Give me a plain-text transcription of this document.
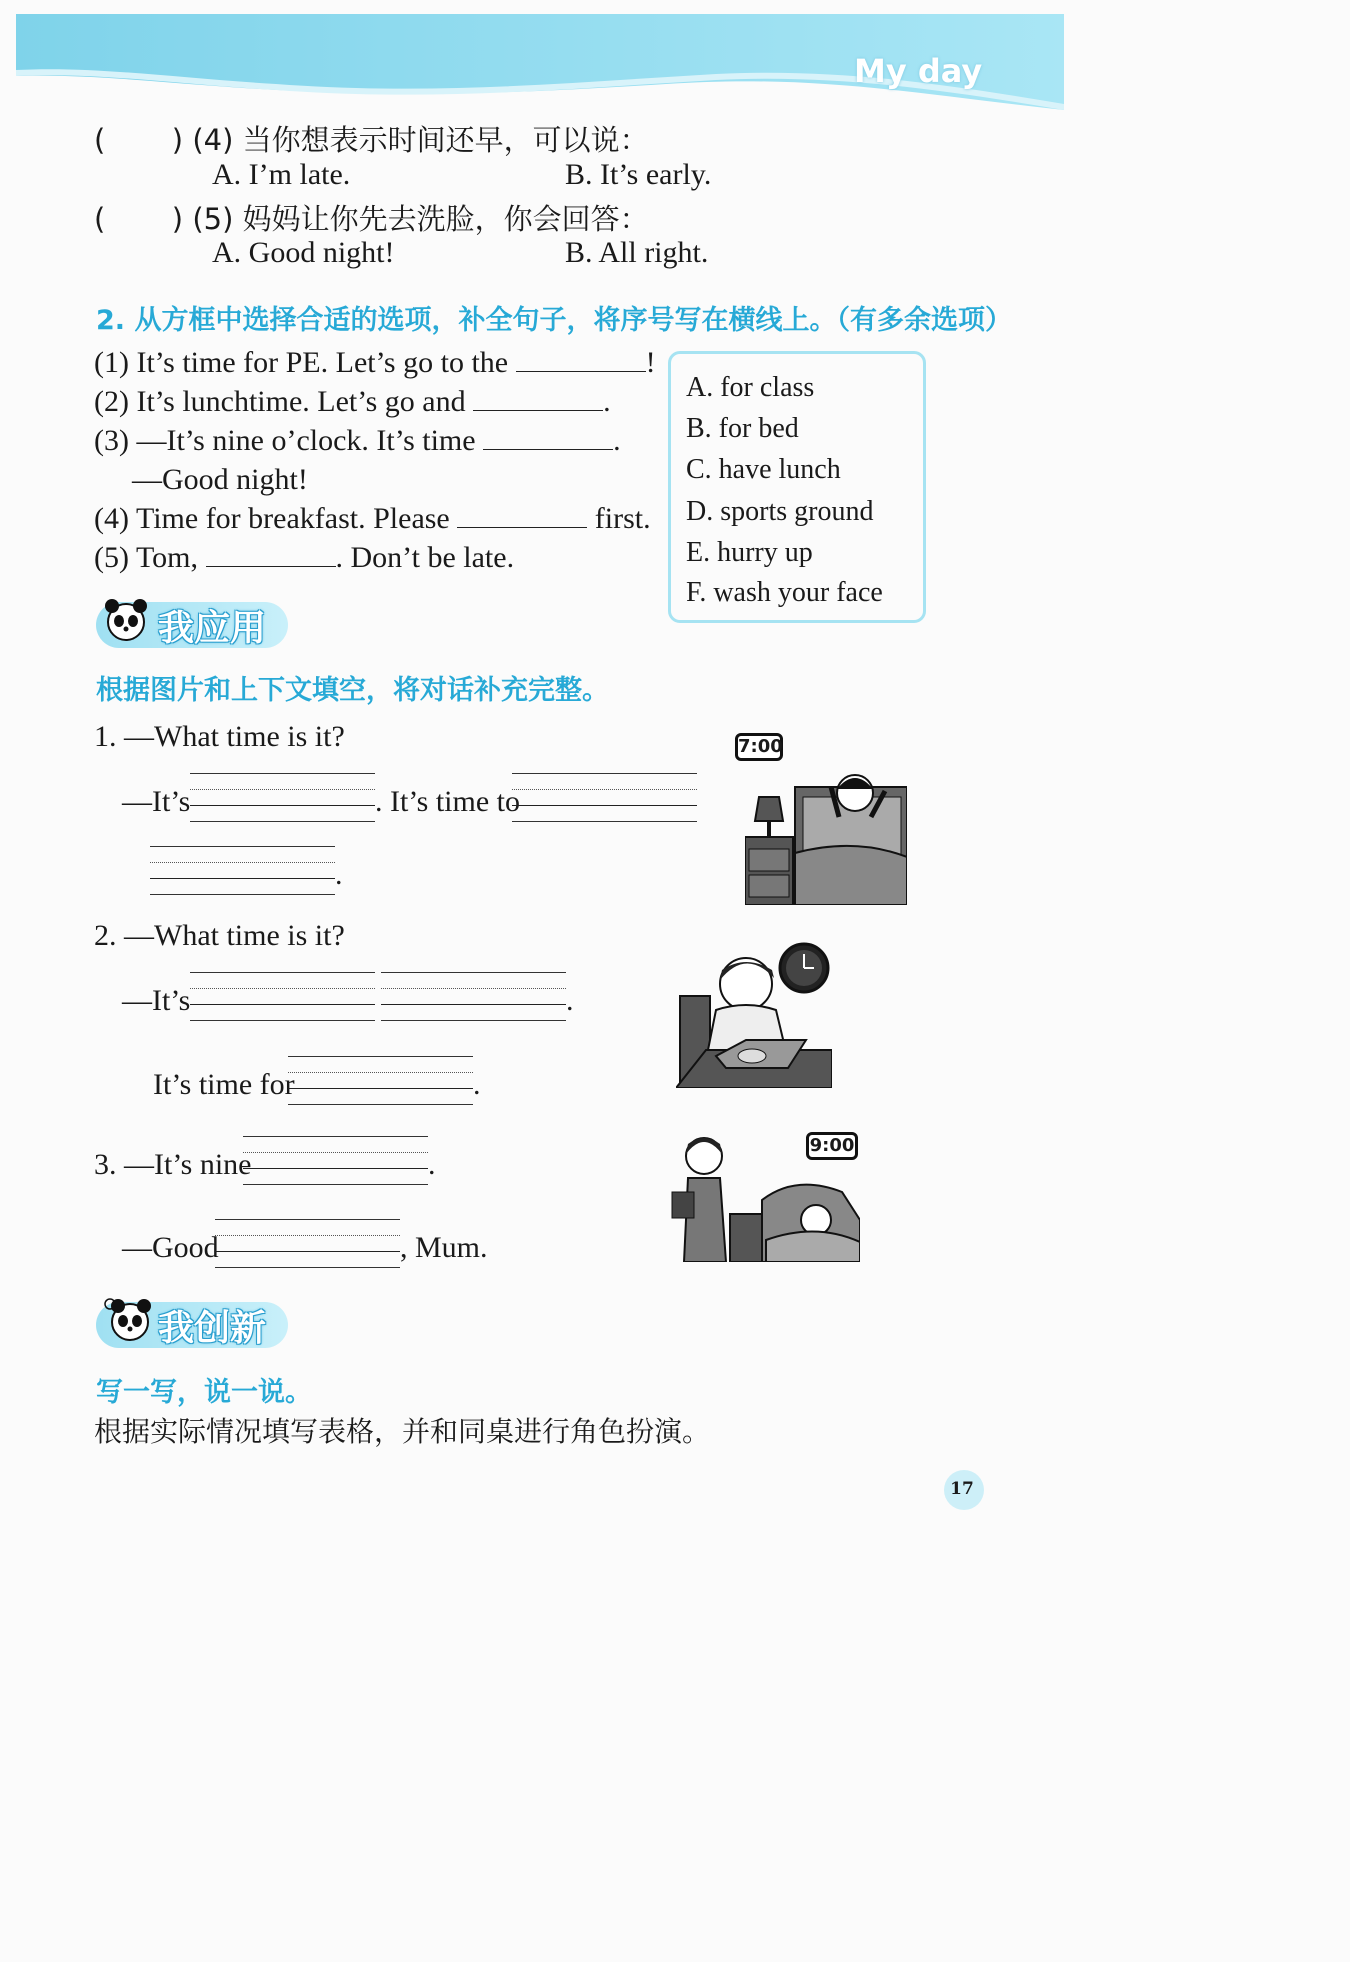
My day
( ) (4) 当你想表示时间还早，可以说：
A. I’m late.	B. It’s early.
( ) (5) 妈妈让你先去洗脸，你会回答：
A. Good night!	B. All right.
2. 从方框中选择合适的选项，补全句子，将序号写在横线上。（有多余选项）
(1) It’s time for PE. Let’s go to the	!
(2) It’s lunchtime. Let’s go and	.
(3) —It’s nine o’clock. It’s time	.
—Good night!
(4) Time for breakfast. Please	first.
(5) Tom,	. Don’t be late.
A. for class
B. for bed
C. have lunch
D. sports ground
E. hurry up
F. wash your face
我应用
根据图片和上下文填空，将对话补充完整。
1. —What time is it?
—It’s	. It’s time to
.
7:00
2. —What time is it?
—It’s	.
It’s time for	.
3. —It’s nine	.
—Good	, Mum.
9:00
我创新
写一写，说一说。
根据实际情况填写表格，并和同桌进行角色扮演。
17
